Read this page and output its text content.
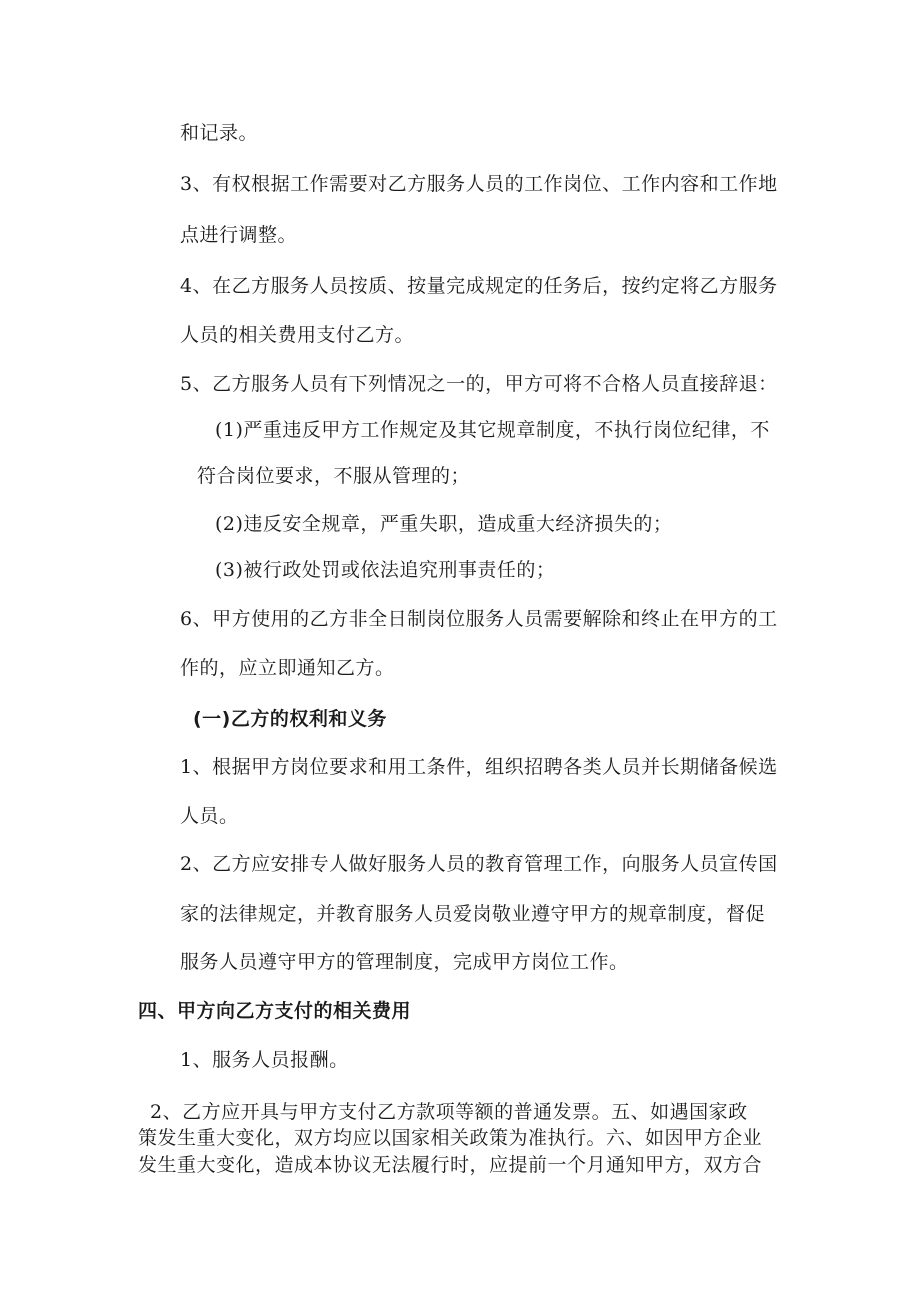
和记录。
3、有权根据工作需要对乙方服务人员的工作岗位、工作内容和工作地
点进行调整。
4、在乙方服务人员按质、按量完成规定的任务后，按约定将乙方服务
人员的相关费用支付乙方。
5、乙方服务人员有下列情况之一的，甲方可将不合格人员直接辞退：
(1)严重违反甲方工作规定及其它规章制度，不执行岗位纪律，不
符合岗位要求，不服从管理的；
(2)违反安全规章，严重失职，造成重大经济损失的；
(3)被行政处罚或依法追究刑事责任的；
6、甲方使用的乙方非全日制岗位服务人员需要解除和终止在甲方的工
作的，应立即通知乙方。
(一)乙方的权利和义务
1、根据甲方岗位要求和用工条件，组织招聘各类人员并长期储备候选
人员。
2、乙方应安排专人做好服务人员的教育管理工作，向服务人员宣传国
家的法律规定，并教育服务人员爱岗敬业遵守甲方的规章制度，督促
服务人员遵守甲方的管理制度，完成甲方岗位工作。
四、甲方向乙方支付的相关费用
1、服务人员报酬。
2、乙方应开具与甲方支付乙方款项等额的普通发票。五、如遇国家政
策发生重大变化，双方均应以国家相关政策为准执行。六、如因甲方企业
发生重大变化，造成本协议无法履行时，应提前一个月通知甲方，双方合
